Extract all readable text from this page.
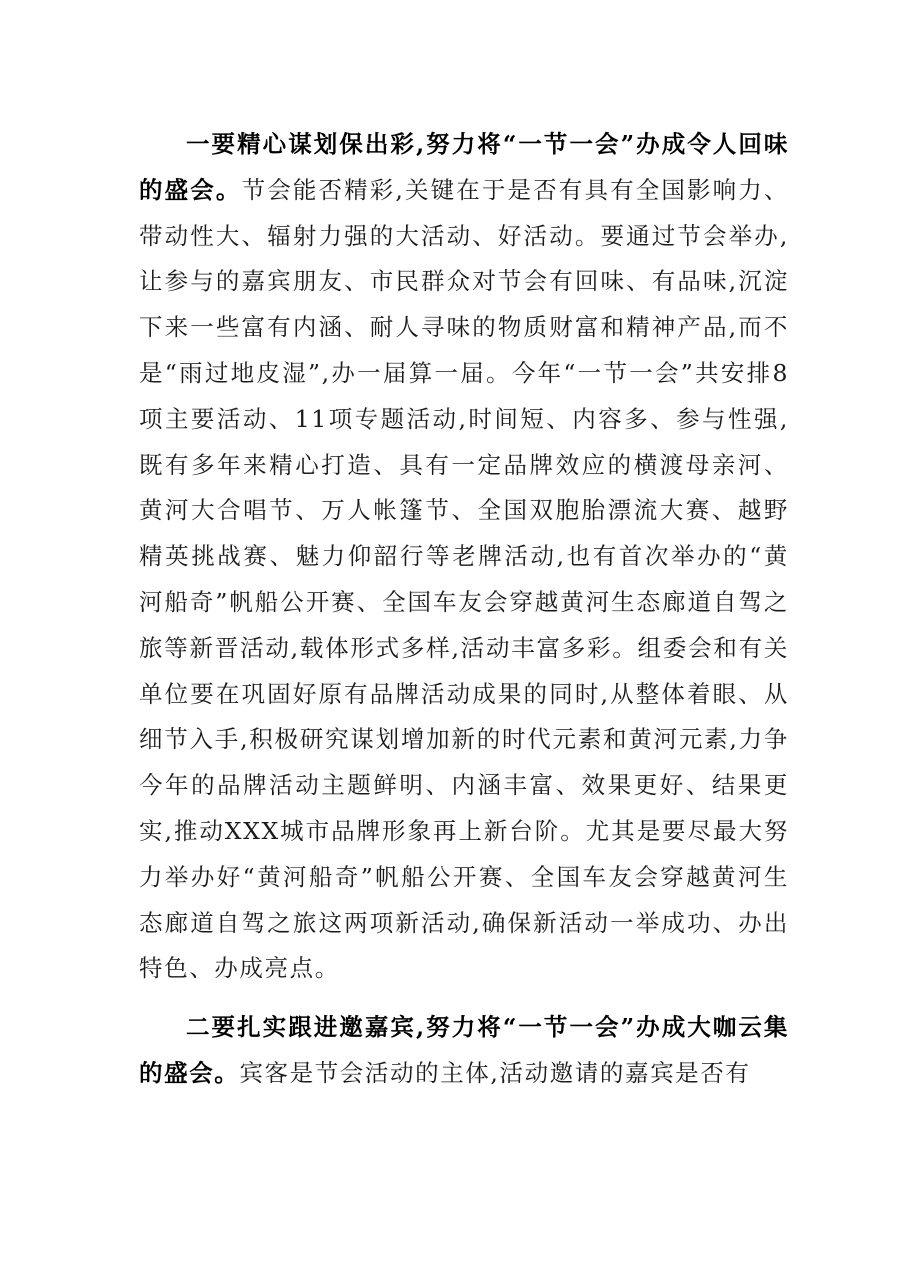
一要精心谋划保出彩,努力将“一节一会”办成令人回味的盛会。节会能否精彩,关键在于是否有具有全国影响力、带动性大、辐射力强的大活动、好活动。要通过节会举办,让参与的嘉宾朋友、市民群众对节会有回味、有品味,沉淀下来一些富有内涵、耐人寻味的物质财富和精神产品,而不是“雨过地皮湿”,办一届算一届。今年“一节一会”共安排8项主要活动、11项专题活动,时间短、内容多、参与性强,既有多年来精心打造、具有一定品牌效应的横渡母亲河、黄河大合唱节、万人帐篷节、全国双胞胎漂流大赛、越野精英挑战赛、魅力仰韶行等老牌活动,也有首次举办的“黄河船奇”帆船公开赛、全国车友会穿越黄河生态廊道自驾之旅等新晋活动,载体形式多样,活动丰富多彩。组委会和有关单位要在巩固好原有品牌活动成果的同时,从整体着眼、从细节入手,积极研究谋划增加新的时代元素和黄河元素,力争今年的品牌活动主题鲜明、内涵丰富、效果更好、结果更实,推动XXX城市品牌形象再上新台阶。尤其是要尽最大努力举办好“黄河船奇”帆船公开赛、全国车友会穿越黄河生态廊道自驾之旅这两项新活动,确保新活动一举成功、办出特色、办成亮点。

二要扎实跟进邀嘉宾,努力将“一节一会”办成大咖云集的盛会。宾客是节会活动的主体,活动邀请的嘉宾是否有
